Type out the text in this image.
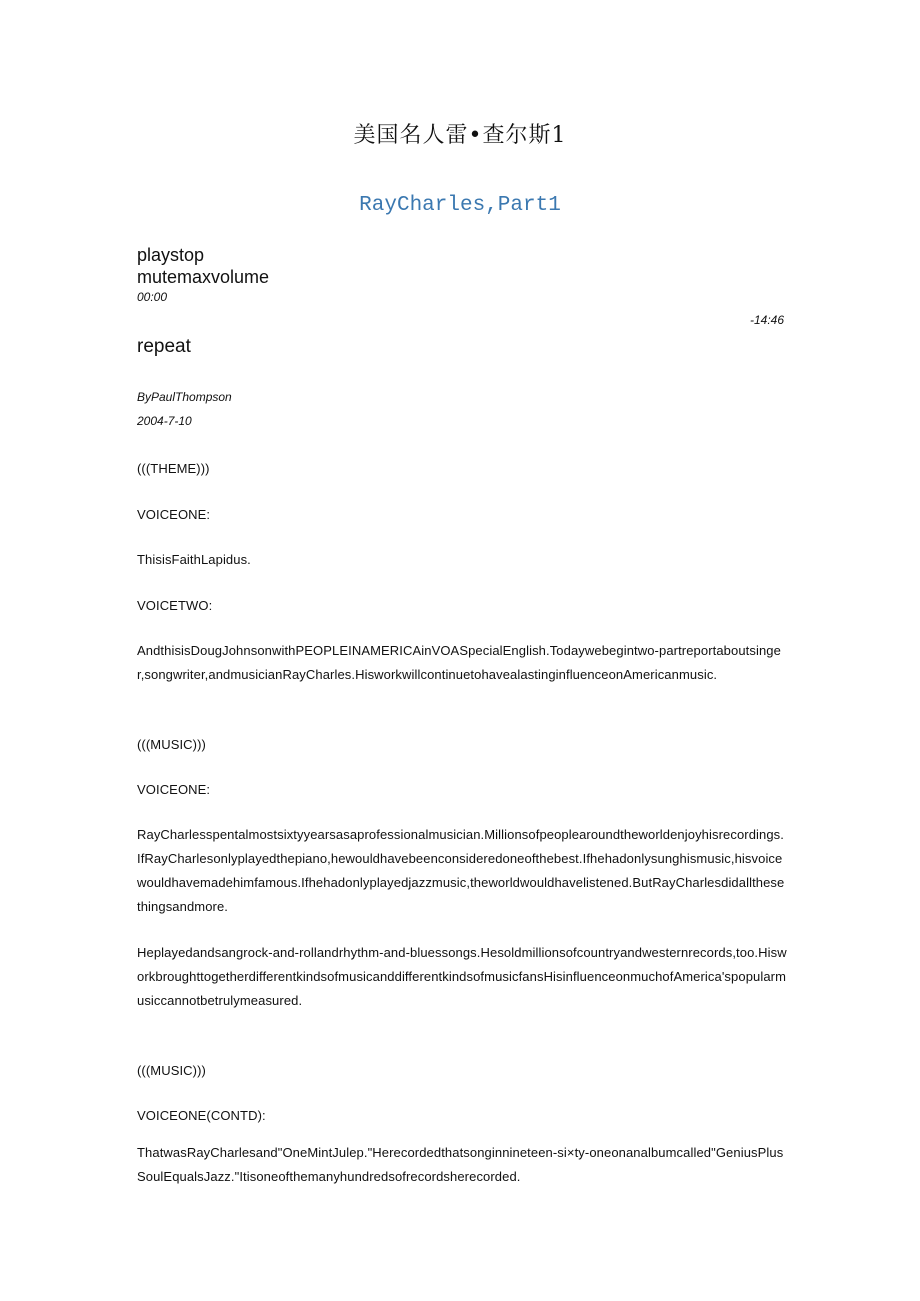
美国名人雷•查尔斯1
RayCharles,Part1
playstop
mutemaxvolume
00:00
-14:46
repeat
ByPaulThompson
2004-7-10
(((THEME)))
VOICEONE:
ThisisFaithLapidus.
VOICETWO:
AndthisisDougJohnsonwithPEOPLEINAMERICAinVOASpecialEnglish.Todaywebegintwo-partreportaboutsinger,songwriter,andmusicianRayCharles.HisworkwillcontinuetohavealastinginfluenceonAmericanmusic.
(((MUSIC)))
VOICEONE:
RayCharlesspentalmostsixtyyearsasaprofessionalmusician.Millionsofpeoplearoundtheworldenjoyhisrecordings.IfRayCharlesonlyplayedthepiano,hewouldhavebeenconsideredoneofthebest.Ifhehadonlysunghismusic,hisvoicewouldhavemadehimfamous.Ifhehadonlyplayedjazzmusic,theworldwouldhavelistened.ButRayCharlesdidallthesethingsandmore.
Heplayedandsangrock-and-rollandrhythm-and-bluessongs.Hesoldmillionsofcountryandwesternrecords,too.HisworkbroughttogetherdifferentkindsofmusicanddifferentkindsofmusicfansHisinfluenceonmuchofAmerica'spopularmusiccannotbetrulymeasured.
(((MUSIC)))
VOICEONE(CONTD):
ThatwasRayCharlesand"OneMintJulep."Herecordedthatsonginnineteen-si×ty-oneonanalbumcalled"GeniusPlusSoulEqualsJazz."Itisoneofthemanyhundredsofrecordsherecorded.
